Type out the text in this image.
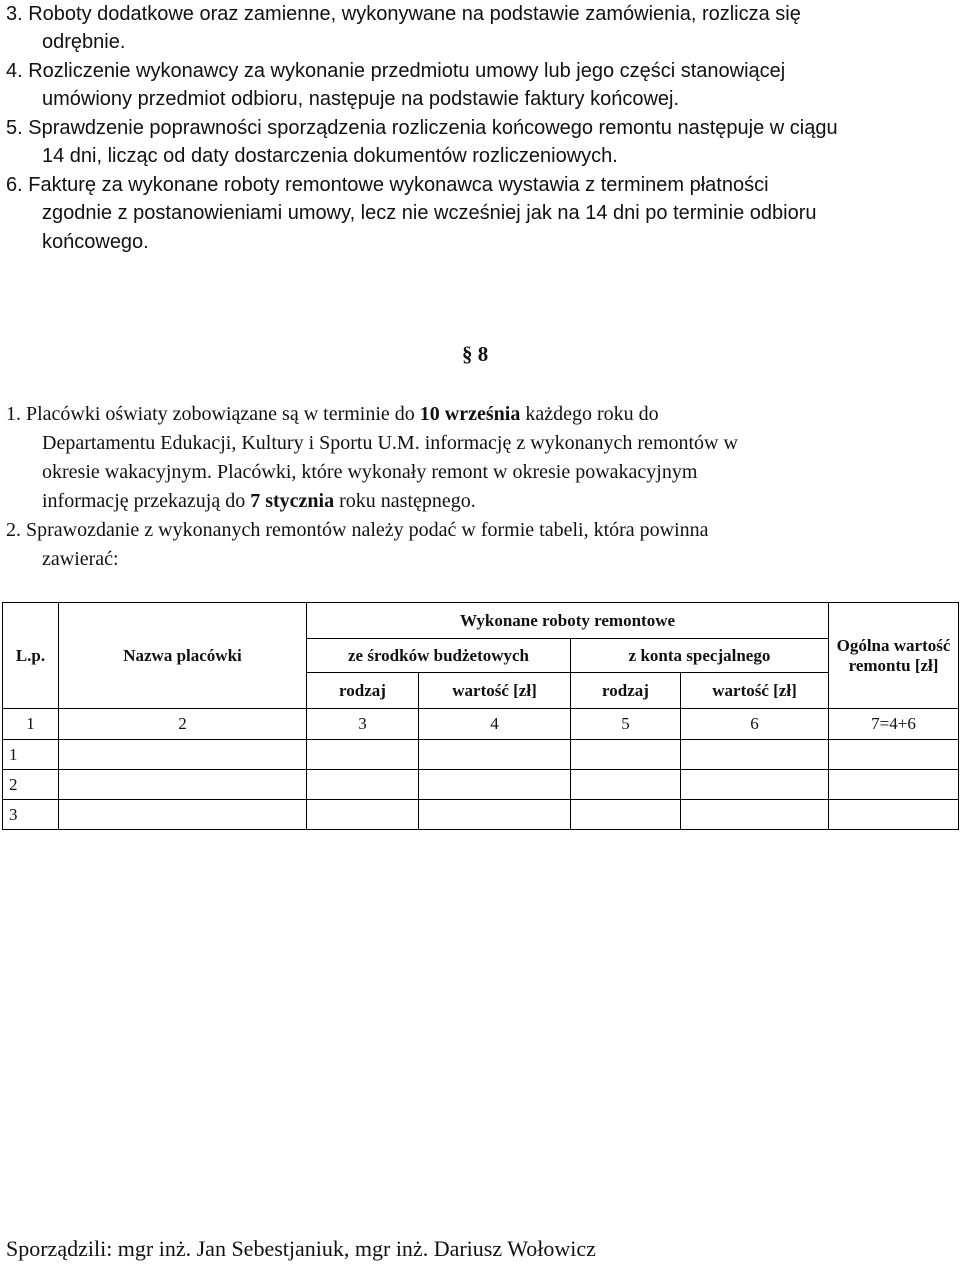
3. Roboty dodatkowe oraz zamienne, wykonywane na podstawie zamówienia, rozlicza się
odrębnie.
4. Rozliczenie wykonawcy za wykonanie przedmiotu umowy lub jego części stanowiącej
umówiony przedmiot odbioru, następuje na podstawie faktury końcowej.
5. Sprawdzenie poprawności sporządzenia rozliczenia końcowego remontu następuje w ciągu
14 dni, licząc od daty dostarczenia dokumentów rozliczeniowych.
6. Fakturę za wykonane roboty remontowe wykonawca wystawia z terminem płatności
zgodnie z postanowieniami umowy, lecz nie wcześniej jak na 14 dni po terminie odbioru
końcowego.
§ 8
1. Placówki oświaty zobowiązane są w terminie do 10 września każdego roku do
Departamentu Edukacji, Kultury i Sportu U.M. informację z wykonanych remontów w
okresie wakacyjnym. Placówki, które wykonały remont w okresie powakacyjnym
informację przekazują do 7 stycznia roku następnego.
2. Sprawozdanie z wykonanych remontów należy podać w formie tabeli, która powinna
zawierać:
L.p.	Nazwa placówki	Wykonane roboty remontowe				Ogólna wartość remontu [zł]
		ze środków budżetowych		z konta specjalnego		
		rodzaj	wartość [zł]	rodzaj	wartość [zł]	
1	2	3	4	5	6	7=4+6
1						
2						
3						
Sporządzili: mgr inż. Jan Sebestjaniuk, mgr inż. Dariusz Wołowicz
